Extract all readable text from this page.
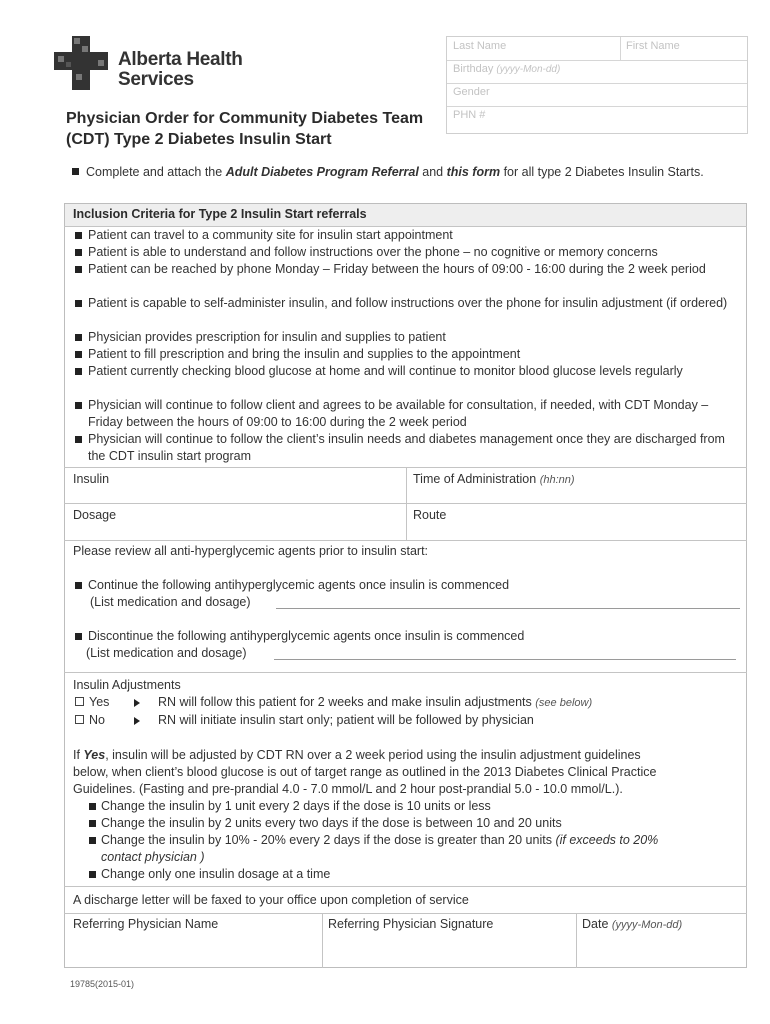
Alberta Health
Services
Physician Order for Community Diabetes Team
(CDT) Type 2 Diabetes Insulin Start
Last Name	First Name
Birthday (yyyy-Mon-dd)
Gender
PHN #
Complete and attach the Adult Diabetes Program Referral and this form for all type 2 Diabetes Insulin Starts.
Inclusion Criteria for Type 2 Insulin Start referrals
Patient can travel to a community site for insulin start appointment
Patient is able to understand and follow instructions over the phone – no cognitive or memory concerns
Patient can be reached by phone Monday – Friday between the hours of 09:00 - 16:00 during the 2 week period
Patient is capable to self-administer insulin, and follow instructions over the phone for insulin adjustment (if ordered)
Physician provides prescription for insulin and supplies to patient
Patient to fill prescription and bring the insulin and supplies to the appointment
Patient currently checking blood glucose at home and will continue to monitor blood glucose levels regularly
Physician will continue to follow client and agrees to be available for consultation, if needed, with CDT Monday – Friday between the hours of 09:00 to 16:00 during the 2 week period
Physician will continue to follow the client’s insulin needs and diabetes management once they are discharged from the CDT insulin start program
Insulin	Time of Administration (hh:nn)
Dosage	Route
Please review all anti-hyperglycemic agents prior to insulin start:
Continue the following antihyperglycemic agents once insulin is commenced
(List medication and dosage)
Discontinue the following antihyperglycemic agents once insulin is commenced
(List medication and dosage)
Insulin Adjustments
Yes	RN will follow this patient for 2 weeks and make insulin adjustments (see below)
No	RN will initiate insulin start only; patient will be followed by physician
If Yes, insulin will be adjusted by CDT RN over a 2 week period using the insulin adjustment guidelines
below, when client’s blood glucose is out of target range as outlined in the 2013 Diabetes Clinical Practice
Guidelines. (Fasting and pre-prandial 4.0 - 7.0 mmol/L and 2 hour post-prandial 5.0 - 10.0 mmol/L.).
Change the insulin by 1 unit every 2 days if the dose is 10 units or less
Change the insulin by 2 units every two days if the dose is between 10 and 20 units
Change the insulin by 10% - 20% every 2 days if the dose is greater than 20 units (if exceeds to 20%
contact physician )
Change only one insulin dosage at a time
A discharge letter will be faxed to your office upon completion of service
Referring Physician Name	Referring Physician Signature	Date (yyyy-Mon-dd)
19785(2015-01)
